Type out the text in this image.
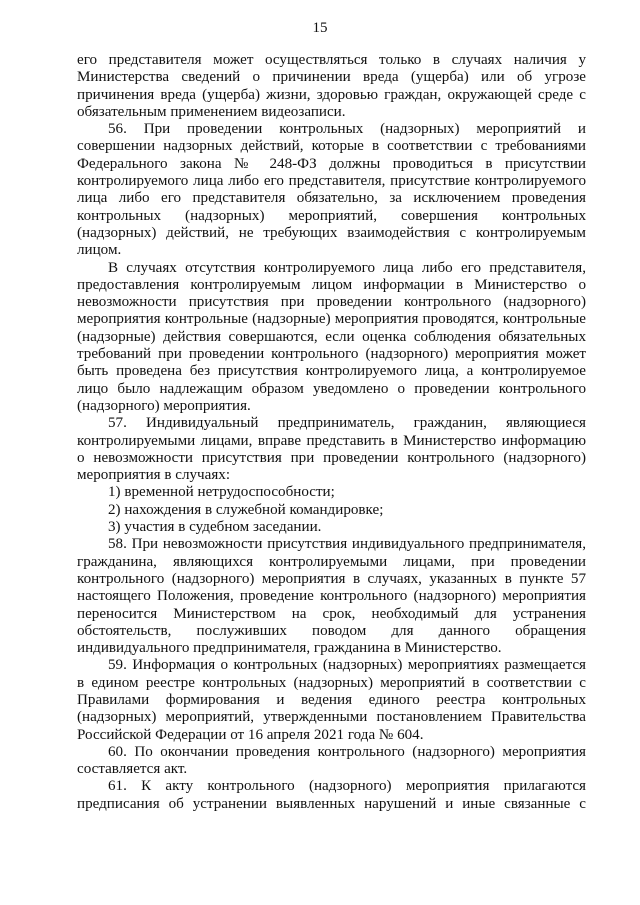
15

его представителя может осуществляться только в случаях наличия у Министерства сведений о причинении вреда (ущерба) или об угрозе причинения вреда (ущерба) жизни, здоровью граждан, окружающей среде с обязательным применением видеозаписи.

56. При проведении контрольных (надзорных) мероприятий и совершении надзорных действий, которые в соответствии с требованиями Федерального закона № 248-ФЗ должны проводиться в присутствии контролируемого лица либо его представителя, присутствие контролируемого лица либо его представителя обязательно, за исключением проведения контрольных (надзорных) мероприятий, совершения контрольных (надзорных) действий, не требующих взаимодействия с контролируемым лицом.

В случаях отсутствия контролируемого лица либо его представителя, предоставления контролируемым лицом информации в Министерство о невозможности присутствия при проведении контрольного (надзорного) мероприятия контрольные (надзорные) мероприятия проводятся, контрольные (надзорные) действия совершаются, если оценка соблюдения обязательных требований при проведении контрольного (надзорного) мероприятия может быть проведена без присутствия контролируемого лица, а контролируемое лицо было надлежащим образом уведомлено о проведении контрольного (надзорного) мероприятия.

57. Индивидуальный предприниматель, гражданин, являющиеся контролируемыми лицами, вправе представить в Министерство информацию о невозможности присутствия при проведении контрольного (надзорного) мероприятия в случаях:

1) временной нетрудоспособности;

2) нахождения в служебной командировке;

3) участия в судебном заседании.

58. При невозможности присутствия индивидуального предпринимателя, гражданина, являющихся контролируемыми лицами, при проведении контрольного (надзорного) мероприятия в случаях, указанных в пункте 57 настоящего Положения, проведение контрольного (надзорного) мероприятия переносится Министерством на срок, необходимый для устранения обстоятельств, послуживших поводом для данного обращения индивидуального предпринимателя, гражданина в Министерство.

59. Информация о контрольных (надзорных) мероприятиях размещается в едином реестре контрольных (надзорных) мероприятий в соответствии с Правилами формирования и ведения единого реестра контрольных (надзорных) мероприятий, утвержденными постановлением Правительства Российской Федерации от 16 апреля 2021 года № 604.

60. По окончании проведения контрольного (надзорного) мероприятия составляется акт.

61. К акту контрольного (надзорного) мероприятия прилагаются предписания об устранении выявленных нарушений и иные связанные с
